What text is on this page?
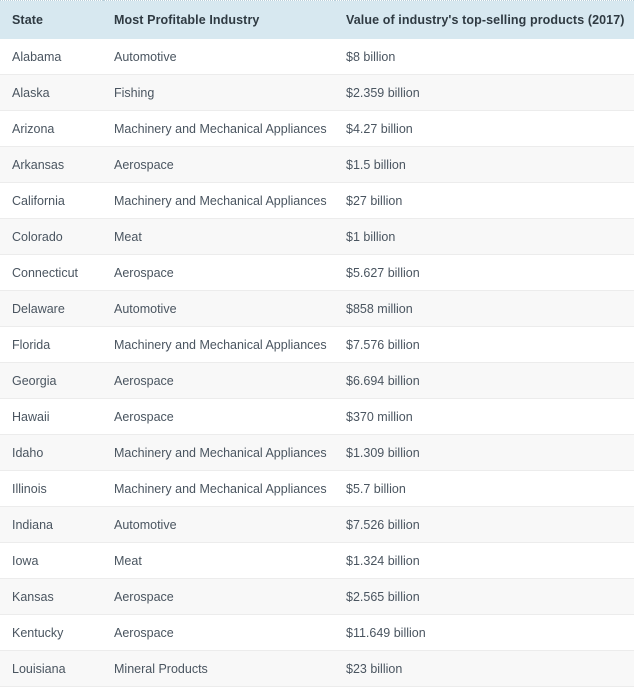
State	Most Profitable Industry	Value of industry's top-selling products (2017)
Alabama	Automotive	$8 billion
Alaska	Fishing	$2.359 billion
Arizona	Machinery and Mechanical Appliances	$4.27 billion
Arkansas	Aerospace	$1.5 billion
California	Machinery and Mechanical Appliances	$27 billion
Colorado	Meat	$1 billion
Connecticut	Aerospace	$5.627 billion
Delaware	Automotive	$858 million
Florida	Machinery and Mechanical Appliances	$7.576 billion
Georgia	Aerospace	$6.694 billion
Hawaii	Aerospace	$370 million
Idaho	Machinery and Mechanical Appliances	$1.309 billion
Illinois	Machinery and Mechanical Appliances	$5.7 billion
Indiana	Automotive	$7.526 billion
Iowa	Meat	$1.324 billion
Kansas	Aerospace	$2.565 billion
Kentucky	Aerospace	$11.649 billion
Louisiana	Mineral Products	$23 billion
